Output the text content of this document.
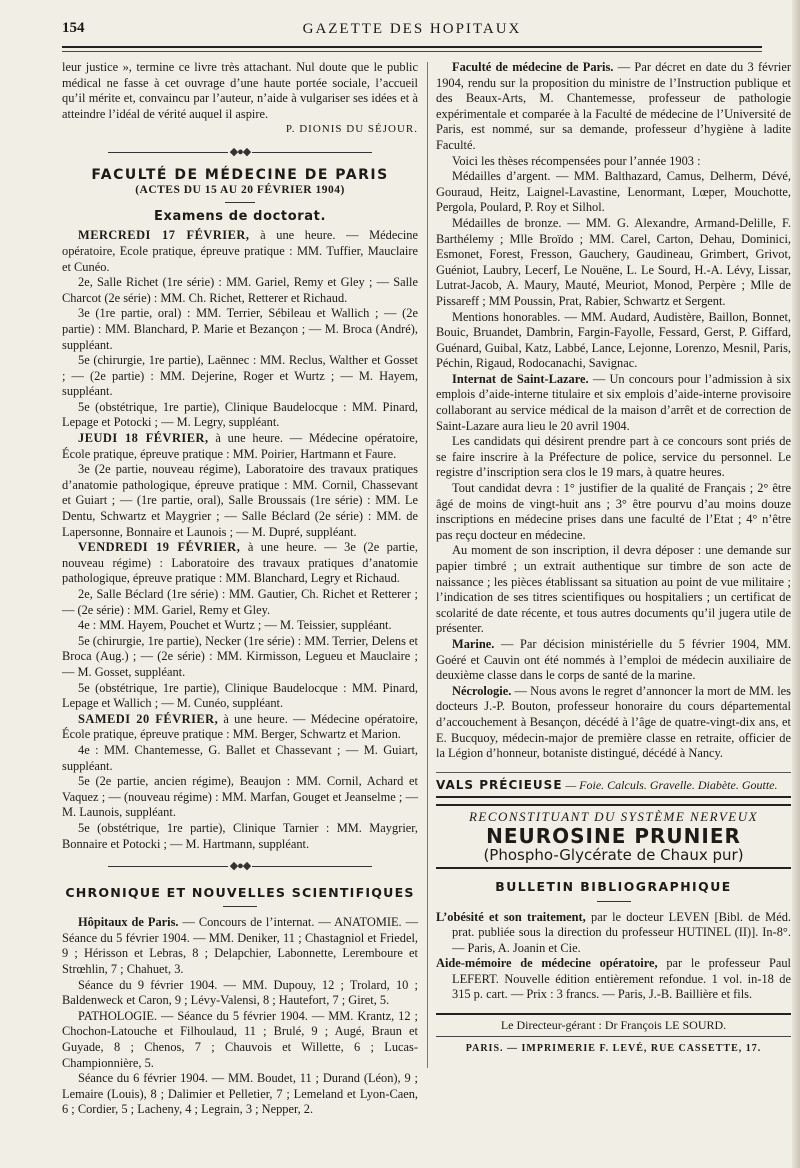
154	GAZETTE DES HOPITAUX

leur justice », termine ce livre très attachant. Nul doute que le public médical ne fasse à cet ouvrage d’une haute portée sociale, l’accueil qu’il mérite et, convaincu par l’auteur, n’aide à vulgariser ses idées et à atteindre l’idéal de vérité auquel il aspire.

P. DIONIS DU SÉJOUR.
◆●◆
FACULTÉ DE MÉDECINE DE PARIS
(ACTES DU 15 AU 20 FÉVRIER 1904)
Examens de doctorat.

MERCREDI 17 FÉVRIER, à une heure. — Médecine opératoire, Ecole pratique, épreuve pratique : MM. Tuffier, Mauclaire et Cunéo.

2e, Salle Richet (1re série) : MM. Gariel, Remy et Gley ; — Salle Charcot (2e série) : MM. Ch. Richet, Retterer et Richaud.

3e (1re partie, oral) : MM. Terrier, Sébileau et Wallich ; — (2e partie) : MM. Blanchard, P. Marie et Bezançon ; — M. Broca (André), suppléant.

5e (chirurgie, 1re partie), Laënnec : MM. Reclus, Walther et Gosset ; — (2e partie) : MM. Dejerine, Roger et Wurtz ; — M. Hayem, suppléant.

5e (obstétrique, 1re partie), Clinique Baudelocque : MM. Pinard, Lepage et Potocki ; — M. Legry, suppléant.

JEUDI 18 FÉVRIER, à une heure. — Médecine opératoire, École pratique, épreuve pratique : MM. Poirier, Hartmann et Faure.

3e (2e partie, nouveau régime), Laboratoire des travaux pratiques d’anatomie pathologique, épreuve pratique : MM. Cornil, Chassevant et Guiart ; — (1re partie, oral), Salle Broussais (1re série) : MM. Le Dentu, Schwartz et Maygrier ; — Salle Béclard (2e série) : MM. de Lapersonne, Bonnaire et Launois ; — M. Dupré, suppléant.

VENDREDI 19 FÉVRIER, à une heure. — 3e (2e partie, nouveau régime) : Laboratoire des travaux pratiques d’anatomie pathologique, épreuve pratique : MM. Blanchard, Legry et Richaud.

2e, Salle Béclard (1re série) : MM. Gautier, Ch. Richet et Retterer ; — (2e série) : MM. Gariel, Remy et Gley.

4e : MM. Hayem, Pouchet et Wurtz ; — M. Teissier, suppléant.

5e (chirurgie, 1re partie), Necker (1re série) : MM. Terrier, Delens et Broca (Aug.) ; — (2e série) : MM. Kirmisson, Legueu et Mauclaire ; — M. Gosset, suppléant.

5e (obstétrique, 1re partie), Clinique Baudelocque : MM. Pinard, Lepage et Wallich ; — M. Cunéo, suppléant.

SAMEDI 20 FÉVRIER, à une heure. — Médecine opératoire, École pratique, épreuve pratique : MM. Berger, Schwartz et Marion.

4e : MM. Chantemesse, G. Ballet et Chassevant ; — M. Guiart, suppléant.

5e (2e partie, ancien régime), Beaujon : MM. Cornil, Achard et Vaquez ; — (nouveau régime) : MM. Marfan, Gouget et Jeanselme ; — M. Launois, suppléant.

5e (obstétrique, 1re partie), Clinique Tarnier : MM. Maygrier, Bonnaire et Potocki ; — M. Hartmann, suppléant.

◆●◆
CHRONIQUE ET NOUVELLES SCIENTIFIQUES

Hôpitaux de Paris. — Concours de l’internat. — ANATOMIE. — Séance du 5 février 1904. — MM. Deniker, 11 ; Chastagniol et Friedel, 9 ; Hérisson et Lebras, 8 ; Delapchier, Labonnette, Leremboure et Strœhlin, 7 ; Chahuet, 3.

Séance du 9 février 1904. — MM. Dupouy, 12 ; Trolard, 10 ; Baldenweck et Caron, 9 ; Lévy-Valensi, 8 ; Hautefort, 7 ; Giret, 5.

PATHOLOGIE. — Séance du 5 février 1904. — MM. Krantz, 12 ; Chochon-Latouche et Filhoulaud, 11 ; Brulé, 9 ; Augé, Braun et Guyade, 8 ; Chenos, 7 ; Chauvois et Willette, 6 ; Lucas-Championnière, 5.

Séance du 6 février 1904. — MM. Boudet, 11 ; Durand (Léon), 9 ; Lemaire (Louis), 8 ; Dalimier et Pelletier, 7 ; Lemeland et Lyon-Caen, 6 ; Cordier, 5 ; Lacheny, 4 ; Legrain, 3 ; Nepper, 2.

Faculté de médecine de Paris. — Par décret en date du 3 février 1904, rendu sur la proposition du ministre de l’Instruction publique et des Beaux-Arts, M. Chantemesse, professeur de pathologie expérimentale et comparée à la Faculté de médecine de l’Université de Paris, est nommé, sur sa demande, professeur d’hygiène à ladite Faculté.

Voici les thèses récompensées pour l’année 1903 :

Médailles d’argent. — MM. Balthazard, Camus, Delherm, Dévé, Gouraud, Heitz, Laignel-Lavastine, Lenormant, Lœper, Mouchotte, Pergola, Poulard, P. Roy et Silhol.

Médailles de bronze. — MM. G. Alexandre, Armand-Delille, F. Barthélemy ; Mlle Broïdo ; MM. Carel, Carton, Dehau, Dominici, Esmonet, Forest, Fresson, Gauchery, Gaudineau, Grimbert, Grivot, Guéniot, Laubry, Lecerf, Le Nouëne, L. Le Sourd, H.-A. Lévy, Lissar, Lutrat-Jacob, A. Maury, Mauté, Meuriot, Monod, Perpère ; Mlle de Pissareff ; MM Poussin, Prat, Rabier, Schwartz et Sergent.

Mentions honorables. — MM. Audard, Audistère, Baillon, Bonnet, Bouic, Bruandet, Dambrin, Fargin-Fayolle, Fessard, Gerst, P. Giffard, Guénard, Guibal, Katz, Labbé, Lance, Lejonne, Lorenzo, Mesnil, Paris, Péchin, Rigaud, Rodocanachi, Savignac.

Internat de Saint-Lazare. — Un concours pour l’admission à six emplois d’aide-interne titulaire et six emplois d’aide-interne provisoire collaborant au service médical de la maison d’arrêt et de correction de Saint-Lazare aura lieu le 20 avril 1904.

Les candidats qui désirent prendre part à ce concours sont priés de se faire inscrire à la Préfecture de police, service du personnel. Le registre d’inscription sera clos le 19 mars, à quatre heures.

Tout candidat devra : 1° justifier de la qualité de Français ; 2° être âgé de moins de vingt-huit ans ; 3° être pourvu d’au moins douze inscriptions en médecine prises dans une faculté de l’Etat ; 4° n’être pas reçu docteur en médecine.

Au moment de son inscription, il devra déposer : une demande sur papier timbré ; un extrait authentique sur timbre de son acte de naissance ; les pièces établissant sa situation au point de vue militaire ; l’indication de ses titres scientifiques ou hospitaliers ; un certificat de scolarité de date récente, et tous autres documents qu’il jugera utile de présenter.

Marine. — Par décision ministérielle du 5 février 1904, MM. Goéré et Cauvin ont été nommés à l’emploi de médecin auxiliaire de deuxième classe dans le corps de santé de la marine.

Nécrologie. — Nous avons le regret d’annoncer la mort de MM. les docteurs J.-P. Bouton, professeur honoraire du cours départemental d’accouchement à Besançon, décédé à l’âge de quatre-vingt-dix ans, et E. Bucquoy, médecin-major de première classe en retraite, officier de la Légion d’honneur, botaniste distingué, décédé à Nancy.

VALS PRÉCIEUSE — Foie. Calculs. Gravelle. Diabète. Goutte.
RECONSTITUANT DU SYSTÈME NERVEUX
NEUROSINE PRUNIER
(Phospho-Glycérate de Chaux pur)
BULLETIN BIBLIOGRAPHIQUE

L’obésité et son traitement, par le docteur LEVEN [Bibl. de Méd. prat. publiée sous la direction du professeur HUTINEL (II)]. In-8°. — Paris, A. Joanin et Cie.

Aide-mémoire de médecine opératoire, par le professeur Paul LEFERT. Nouvelle édition entièrement refondue. 1 vol. in-18 de 315 p. cart. — Prix : 3 francs. — Paris, J.-B. Baillière et fils.

Le Directeur-gérant : Dr François LE SOURD.
PARIS. — IMPRIMERIE F. LEVÉ, RUE CASSETTE, 17.
